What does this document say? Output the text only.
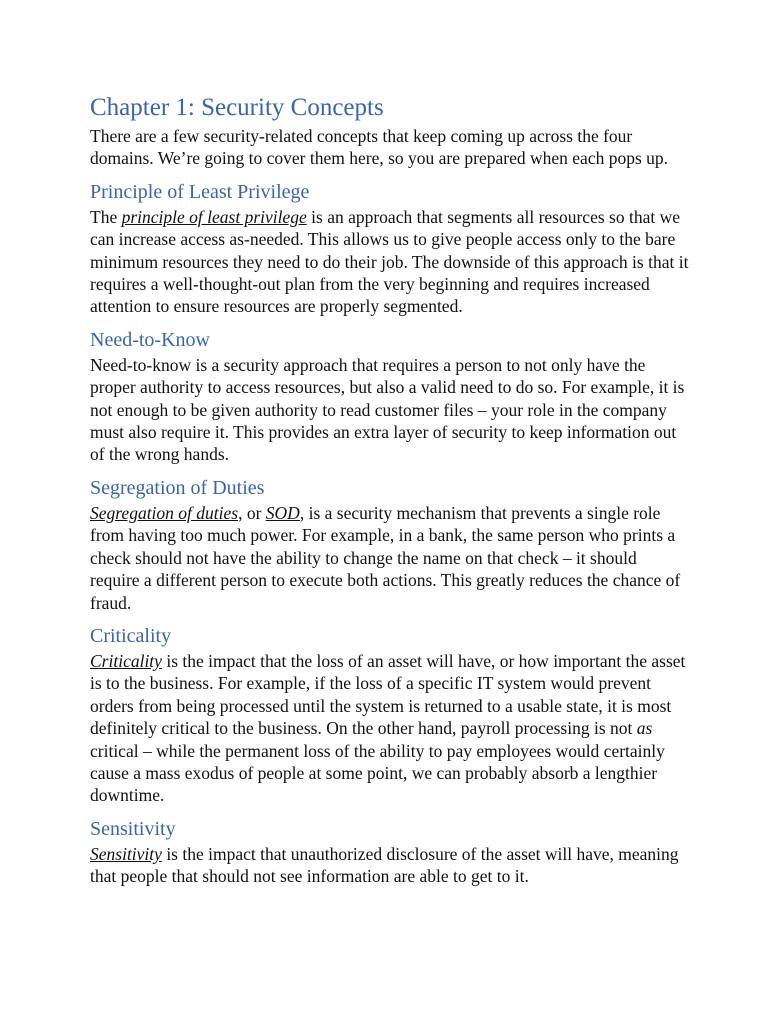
Chapter 1: Security Concepts

There are a few security-related concepts that keep coming up across the four domains. We’re going to cover them here, so you are prepared when each pops up.

Principle of Least Privilege

The principle of least privilege is an approach that segments all resources so that we can increase access as-needed. This allows us to give people access only to the bare minimum resources they need to do their job. The downside of this approach is that it requires a well-thought-out plan from the very beginning and requires increased attention to ensure resources are properly segmented.

Need-to-Know

Need-to-know is a security approach that requires a person to not only have the proper authority to access resources, but also a valid need to do so. For example, it is not enough to be given authority to read customer files – your role in the company must also require it. This provides an extra layer of security to keep information out of the wrong hands.

Segregation of Duties

Segregation of duties, or SOD, is a security mechanism that prevents a single role from having too much power. For example, in a bank, the same person who prints a check should not have the ability to change the name on that check – it should require a different person to execute both actions. This greatly reduces the chance of fraud.

Criticality

Criticality is the impact that the loss of an asset will have, or how important the asset is to the business. For example, if the loss of a specific IT system would prevent orders from being processed until the system is returned to a usable state, it is most definitely critical to the business. On the other hand, payroll processing is not as critical – while the permanent loss of the ability to pay employees would certainly cause a mass exodus of people at some point, we can probably absorb a lengthier downtime.

Sensitivity

Sensitivity is the impact that unauthorized disclosure of the asset will have, meaning that people that should not see information are able to get to it.
